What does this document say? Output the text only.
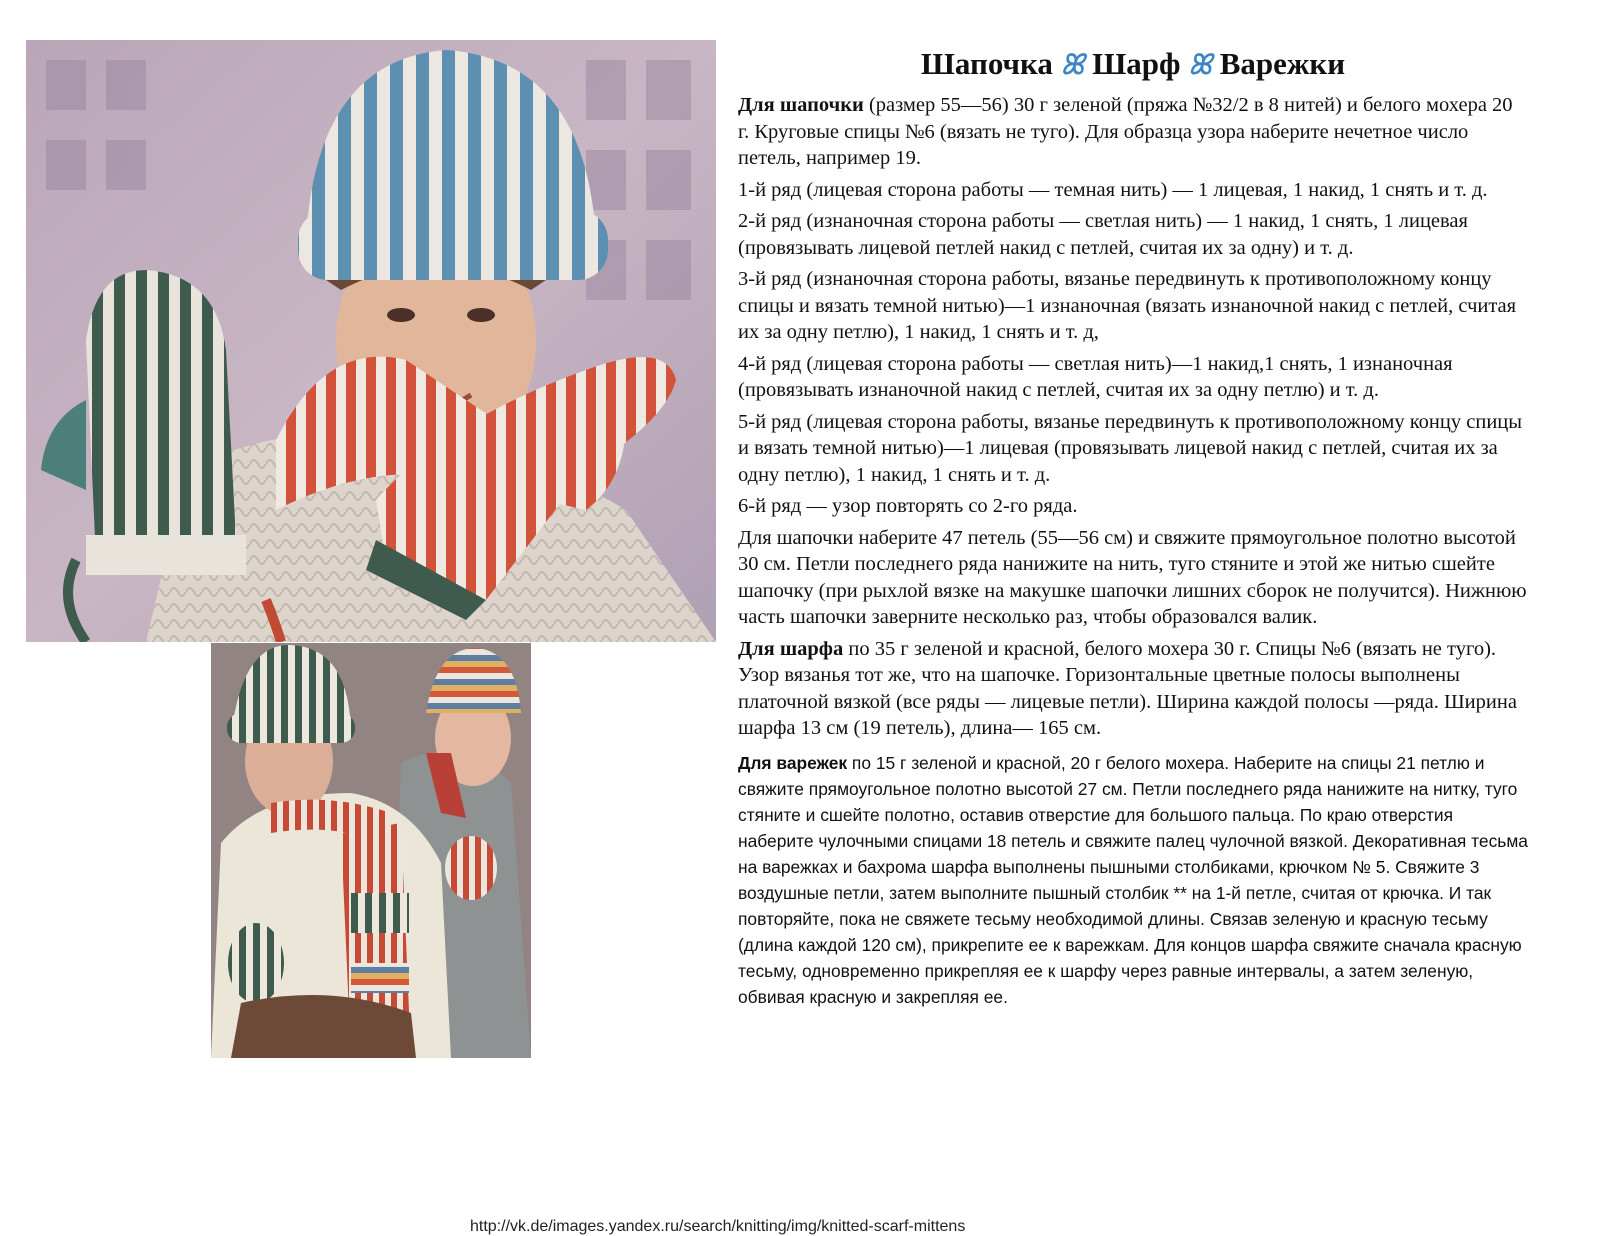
Шапочка ꕤ Шарф ꕤ Варежки

Для шапочки (размер 55—56) 30 г зеленой (пряжа №32/2 в 8 нитей) и белого мохера 20 г. Круговые спицы №6 (вязать не туго). Для образца узора наберите нечетное число петель, например 19.

1-й ряд (лицевая сторона работы — темная нить) — 1 лицевая, 1 накид, 1 снять и т. д.

2-й ряд (изнаночная сторона работы — светлая нить) — 1 накид, 1 снять, 1 лицевая (провязывать лицевой петлей накид с петлей, считая их за одну) и т. д.

3-й ряд (изнаночная сторона работы, вязанье передвинуть к противоположному концу спицы и вязать темной нитью)—1 изнаночная (вязать изнаночной накид с петлей, считая их за одну петлю), 1 накид, 1 снять и т. д,

4-й ряд (лицевая сторона работы — светлая нить)—1 накид,1 снять, 1 изнаночная (провязывать изнаночной накид с петлей, считая их за одну петлю) и т. д.

5-й ряд (лицевая сторона работы, вязанье передвинуть к противоположному концу спицы и вязать темной нитью)—1 лицевая (провязывать лицевой накид с петлей, считая их за одну петлю), 1 накид, 1 снять и т. д.

6-й ряд — узор повторять со 2-го ряда.

Для шапочки наберите 47 петель (55—56 см) и свяжите прямоугольное полотно высотой 30 см. Петли последнего ряда нанижите на нить, туго стяните и этой же нитью сшейте шапочку (при рыхлой вязке на макушке шапочки лишних сборок не получится). Нижнюю часть шапочки заверните несколько раз, чтобы образовался валик.

Для шарфа по 35 г зеленой и красной, белого мохера 30 г. Спицы №6 (вязать не туго). Узор вязанья тот же, что на шапочке. Горизонтальные цветные полосы выполнены платочной вязкой (все ряды — лицевые петли). Ширина каждой полосы —ряда. Ширина шарфа 13 см (19 петель), длина— 165 см.

Для варежек по 15 г зеленой и красной, 20 г белого мохера. Наберите на спицы 21 петлю и свяжите прямоугольное полотно высотой 27 см. Петли последнего ряда нанижите на нитку, туго стяните и сшейте полотно, оставив отверстие для большого пальца. По краю отверстия наберите чулочными спицами 18 петель и свяжите палец чулочной вязкой. Декоративная тесьма на варежках и бахрома шарфа выполнены пышными столбиками, крючком № 5. Свяжите 3 воздушные петли, затем выполните пышный столбик ** на 1-й петле, считая от крючка. И так повторяйте, пока не свяжете тесьму необходимой длины. Связав зеленую и красную тесьму (длина каждой 120 см), прикрепите ее к варежкам. Для концов шарфа свяжите сначала красную тесьму, одновременно прикрепляя ее к шарфу через равные интервалы, а затем зеленую, обвивая красную и закрепляя ее.

http://vk.de/images.yandex.ru/search/knitting/img/knitted-scarf-mittens
